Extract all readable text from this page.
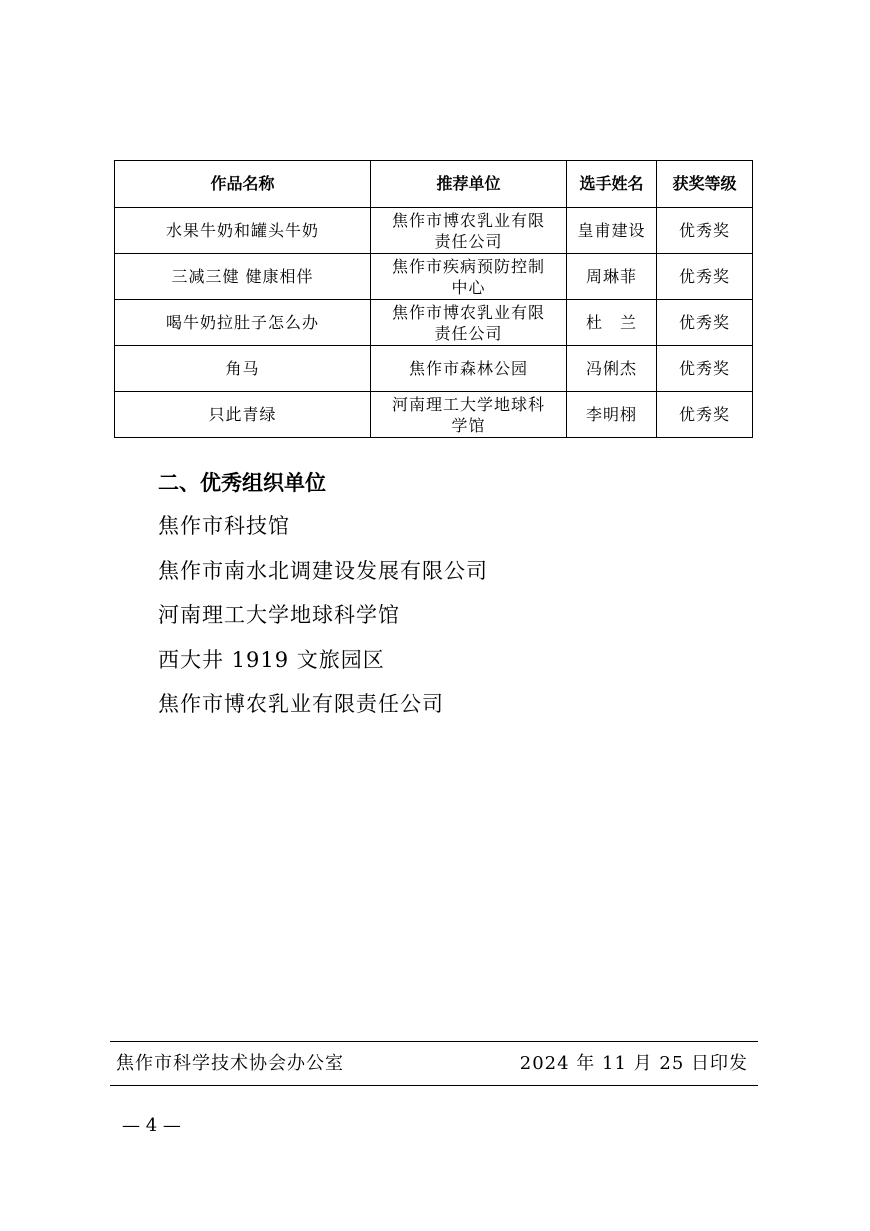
作品名称	推荐单位	选手姓名	获奖等级
水果牛奶和罐头牛奶	焦作市博农乳业有限责任公司	皇甫建设	优秀奖
三减三健 健康相伴	焦作市疾病预防控制中心	周琳菲	优秀奖
喝牛奶拉肚子怎么办	焦作市博农乳业有限责任公司	杜　兰	优秀奖
角马	焦作市森林公园	冯俐杰	优秀奖
只此青绿	河南理工大学地球科学馆	李明栩	优秀奖
二、优秀组织单位
焦作市科技馆
焦作市南水北调建设发展有限公司
河南理工大学地球科学馆
西大井 1919 文旅园区
焦作市博农乳业有限责任公司
焦作市科学技术协会办公室	2024 年 11 月 25 日印发
— 4 —
